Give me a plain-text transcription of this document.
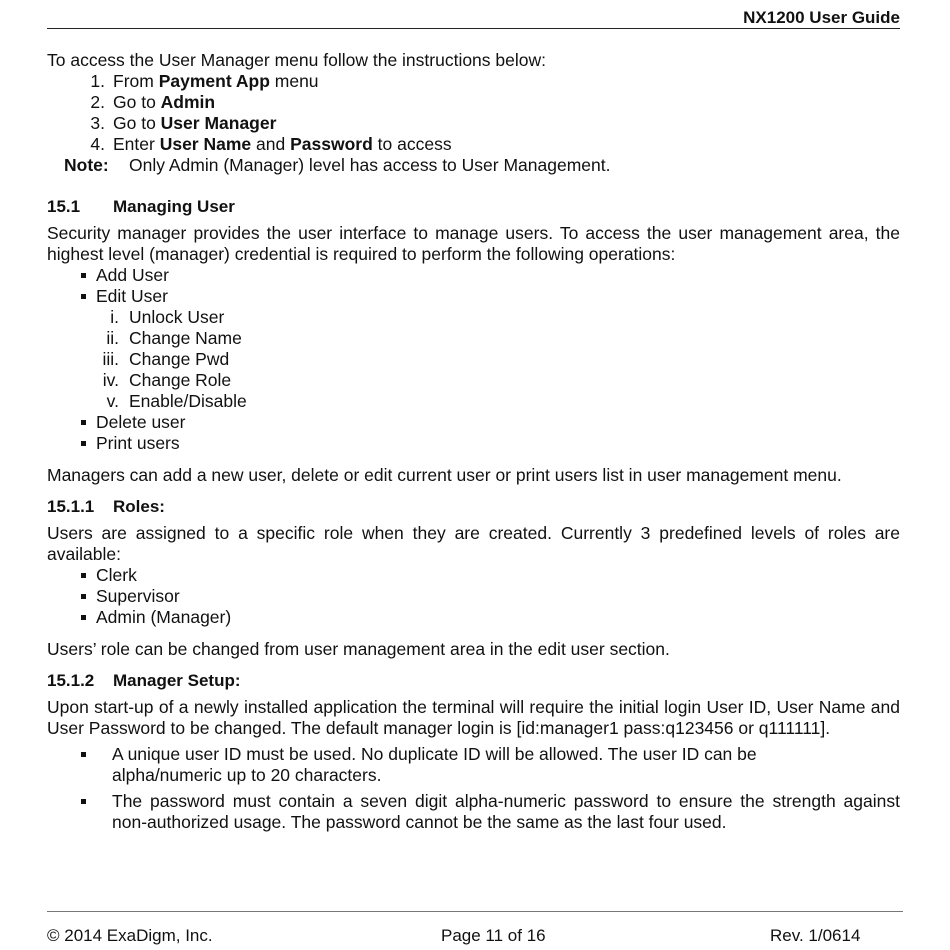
NX1200 User Guide

To access the User Manager menu follow the instructions below:

1. From Payment App menu
2. Go to Admin
3. Go to User Manager
4. Enter User Name and Password to access

Note: Only Admin (Manager) level has access to User Management.

15.1 Managing User

Security manager provides the user interface to manage users. To access the user management area, the highest level (manager) credential is required to perform the following operations:

Add User
Edit User
i. Unlock User
ii. Change Name
iii. Change Pwd
iv. Change Role
v. Enable/Disable
Delete user
Print users

Managers can add a new user, delete or edit current user or print users list in user management menu.

15.1.1 Roles:

Users are assigned to a specific role when they are created. Currently 3 predefined levels of roles are available:

Clerk
Supervisor
Admin (Manager)

Users’ role can be changed from user management area in the edit user section.

15.1.2 Manager Setup:

Upon start-up of a newly installed application the terminal will require the initial login User ID, User Name and User Password to be changed. The default manager login is [id:manager1 pass:q123456 or q111111].

A unique user ID must be used. No duplicate ID will be allowed. The user ID can be alpha/numeric up to 20 characters.
The password must contain a seven digit alpha-numeric password to ensure the strength against non-authorized usage. The password cannot be the same as the last four used.
© 2014 ExaDigm, Inc.	Page 11 of 16	Rev. 1/0614
